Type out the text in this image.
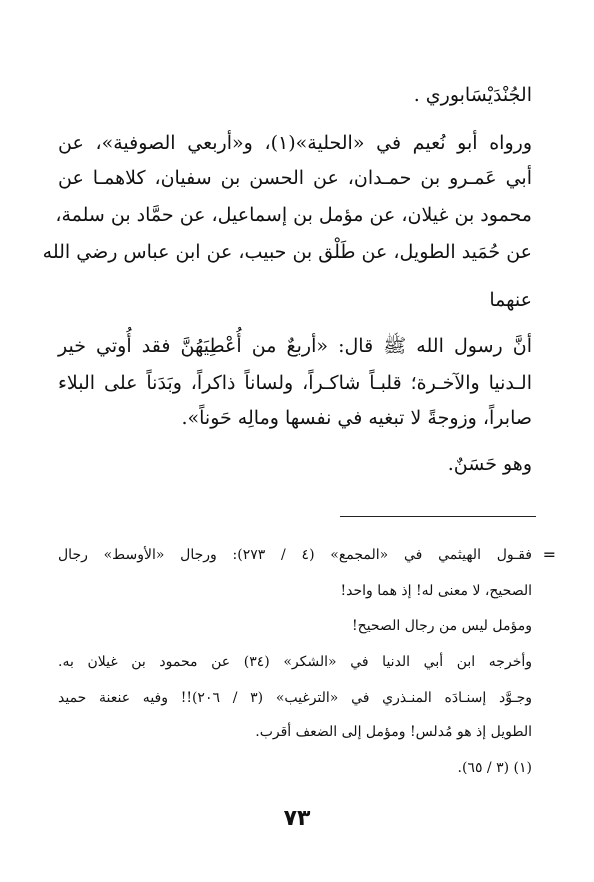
الجُنْدَيْسَابوري .
ورواه أبو نُعيم في «الحلية»(١)، و«أربعي الصوفية»، عن
أبي عَمـرو بن حمـدان، عن الحسن بن سفيان، كلاهمـا عن
محمود بن غيلان، عن مؤمل بن إسماعيل، عن حمَّاد بن سلمة،
عن حُمَيد الطويل، عن طَلْق بن حبيب، عن ابن عباس رضي الله
عنهما
أنَّ رسول الله ﷺ قال: «أربعٌ من أُعْطِيَهُنَّ فقد أُوتي خير
الـدنيا والآخـرة؛ قلبـاً شاكـراً، ولساناً ذاكراً، وبَدَناً على البلاء
صابراً، وزوجةً لا تبغيه في نفسها ومالِه حَوناً».
وهو حَسَنٌ.
=
فقـول الهيثمي في «المجمع» (٤ / ٢٧٣): ورجال «الأوسط» رجال
الصحيح، لا معنى له! إذ هما واحد!
ومؤمل ليس من رجال الصحيح!
وأخرجه ابن أبي الدنيا في «الشكر» (٣٤) عن محمود بن غيلان به.
وجـوَّد إسنـادَه المنـذري في «الترغيب» (٣ / ٢٠٦)!! وفيه عنعنة حميد
الطويل إذ هو مُدلس! ومؤمل إلى الضعف أقرب.
(١) (٣ / ٦٥).
٧٣
